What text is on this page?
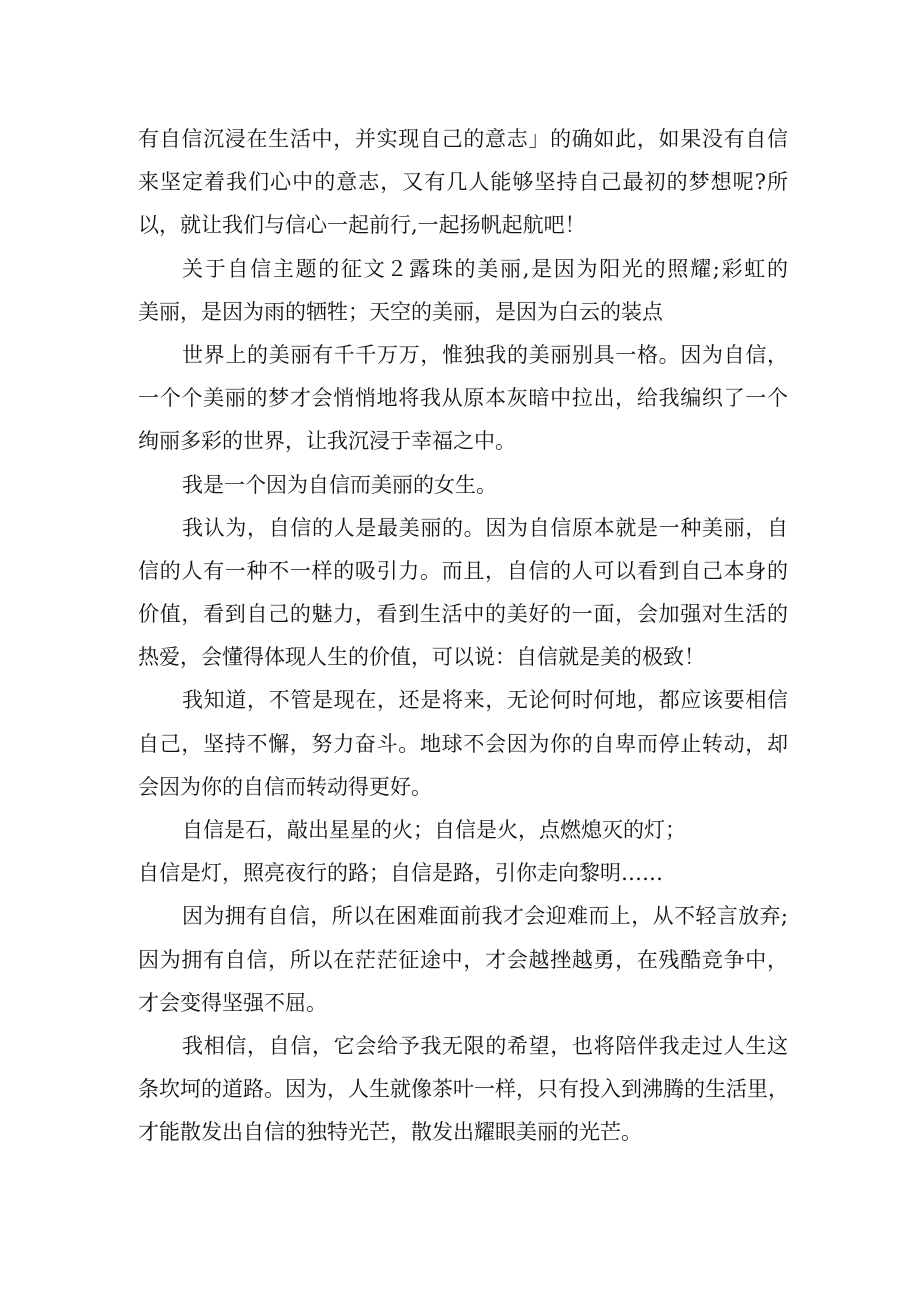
有自信沉浸在生活中，并实现自己的意志」的确如此，如果没有自信
来坚定着我们心中的意志，又有几人能够坚持自己最初的梦想呢?所
以，就让我们与信心一起前行,一起扬帆起航吧！
关于自信主题的征文２露珠的美丽,是因为阳光的照耀;彩虹的
美丽，是因为雨的牺牲；天空的美丽，是因为白云的装点
世界上的美丽有千千万万，惟独我的美丽别具一格。因为自信，
一个个美丽的梦才会悄悄地将我从原本灰暗中拉出，给我编织了一个
绚丽多彩的世界，让我沉浸于幸福之中。
我是一个因为自信而美丽的女生。
我认为，自信的人是最美丽的。因为自信原本就是一种美丽，自
信的人有一种不一样的吸引力。而且，自信的人可以看到自己本身的
价值，看到自己的魅力，看到生活中的美好的一面，会加强对生活的
热爱，会懂得体现人生的价值，可以说：自信就是美的极致！
我知道，不管是现在，还是将来，无论何时何地，都应该要相信
自己，坚持不懈，努力奋斗。地球不会因为你的自卑而停止转动，却
会因为你的自信而转动得更好。
自信是石，敲出星星的火；自信是火，点燃熄灭的灯；
自信是灯，照亮夜行的路；自信是路，引你走向黎明……
因为拥有自信，所以在困难面前我才会迎难而上，从不轻言放弃;
因为拥有自信，所以在茫茫征途中，才会越挫越勇，在残酷竞争中，
才会变得坚强不屈。
我相信，自信，它会给予我无限的希望，也将陪伴我走过人生这
条坎坷的道路。因为，人生就像茶叶一样，只有投入到沸腾的生活里，
才能散发出自信的独特光芒，散发出耀眼美丽的光芒。
